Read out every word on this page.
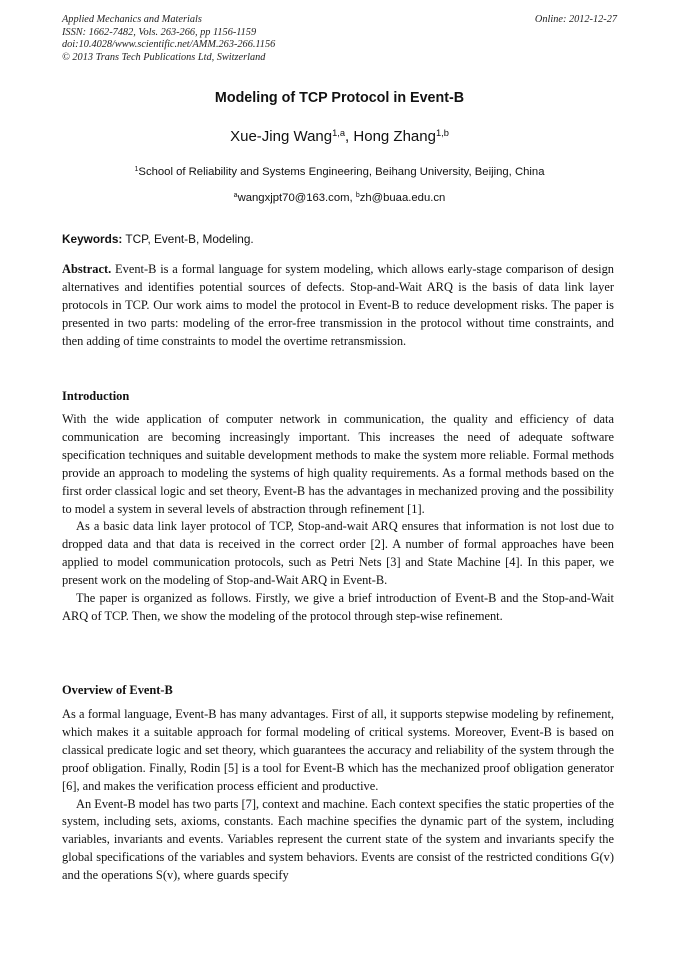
Applied Mechanics and Materials
ISSN: 1662-7482, Vols. 263-266, pp 1156-1159
doi:10.4028/www.scientific.net/AMM.263-266.1156
© 2013 Trans Tech Publications Ltd, Switzerland
Online: 2012-12-27
Modeling of TCP Protocol in Event-B
Xue-Jing Wang$^{1,a}$, Hong Zhang$^{1,b}$
$^1$School of Reliability and Systems Engineering, Beihang University, Beijing, China
$^a$wangxjpt70@163.com, $^b$zh@buaa.edu.cn
Keywords: TCP, Event-B, Modeling.

Abstract. Event-B is a formal language for system modeling, which allows early-stage comparison of design alternatives and identifies potential sources of defects. Stop-and-Wait ARQ is the basis of data link layer protocols in TCP. Our work aims to model the protocol in Event-B to reduce development risks. The paper is presented in two parts: modeling of the error-free transmission in the protocol without time constraints, and then adding of time constraints to model the overtime retransmission.

Introduction

With the wide application of computer network in communication, the quality and efficiency of data communication are becoming increasingly important. This increases the need of adequate software specification techniques and suitable development methods to make the system more reliable. Formal methods provide an approach to modeling the systems of high quality requirements. As a formal methods based on the first order classical logic and set theory, Event-B has the advantages in mechanized proving and the possibility to model a system in several levels of abstraction through refinement [1].

As a basic data link layer protocol of TCP, Stop-and-wait ARQ ensures that information is not lost due to dropped data and that data is received in the correct order [2]. A number of formal approaches have been applied to model communication protocols, such as Petri Nets [3] and State Machine [4]. In this paper, we present work on the modeling of Stop-and-Wait ARQ in Event-B.

The paper is organized as follows. Firstly, we give a brief introduction of Event-B and the Stop-and-Wait ARQ of TCP. Then, we show the modeling of the protocol through step-wise refinement.

Overview of Event-B

As a formal language, Event-B has many advantages. First of all, it supports stepwise modeling by refinement, which makes it a suitable approach for formal modeling of critical systems. Moreover, Event-B is based on classical predicate logic and set theory, which guarantees the accuracy and reliability of the system through the proof obligation. Finally, Rodin [5] is a tool for Event-B which has the mechanized proof obligation generator [6], and makes the verification process efficient and productive.

An Event-B model has two parts [7], context and machine. Each context specifies the static properties of the system, including sets, axioms, constants. Each machine specifies the dynamic part of the system, including variables, invariants and events. Variables represent the current state of the system and invariants specify the global specifications of the variables and system behaviors. Events are consist of the restricted conditions G(v) and the operations S(v), where guards specify
